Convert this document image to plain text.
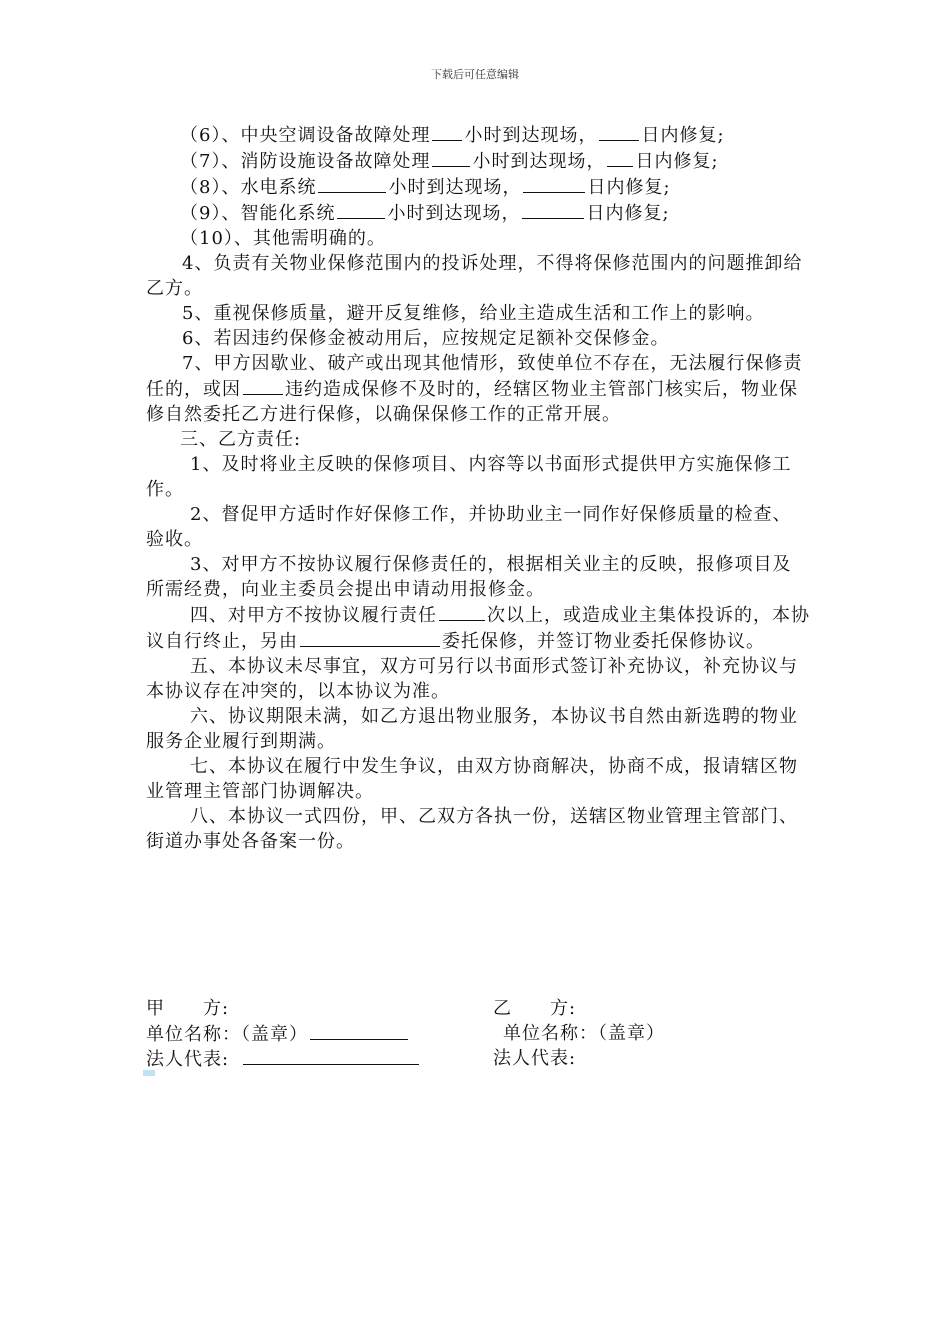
下载后可任意编辑

（6）、中央空调设备故障处理 小时到达现场， 日内修复;

（7）、消防设施设备故障处理 小时到达现场， 日内修复;

（8）、水电系统	小时到达现场，	日内修复;

（9）、智能化系统	小时到达现场，	日内修复;

（10）、其他需明确的。

4、负责有关物业保修范围内的投诉处理，不得将保修范围内的问题推卸给乙方。

5、重视保修质量，避开反复维修，给业主造成生活和工作上的影响。

6、若因违约保修金被动用后，应按规定足额补交保修金。

7、甲方因歇业、破产或出现其他情形，致使单位不存在，无法履行保修责任的，或因 违约造成保修不及时的，经辖区物业主管部门核实后，物业保修自然委托乙方进行保修，以确保保修工作的正常开展。

三、乙方责任:

1、及时将业主反映的保修项目、内容等以书面形式提供甲方实施保修工作。

2、督促甲方适时作好保修工作，并协助业主一同作好保修质量的检查、验收。

3、对甲方不按协议履行保修责任的，根据相关业主的反映，报修项目及所需经费，向业主委员会提出申请动用报修金。

四、对甲方不按协议履行责任	次以上，或造成业主集体投诉的，本协议自行终止，另由	委托保修，并签订物业委托保修协议。

五、本协议未尽事宜，双方可另行以书面形式签订补充协议，补充协议与本协议存在冲突的，以本协议为准。

六、协议期限未满，如乙方退出物业服务，本协议书自然由新选聘的物业服务企业履行到期满。

七、本协议在履行中发生争议，由双方协商解决，协商不成，报请辖区物业管理主管部门协调解决。

八、本协议一式四份，甲、乙双方各执一份，送辖区物业管理主管部门、街道办事处各备案一份。

甲　　方:	乙　　方:
单位名称：（盖章）	单位名称：（盖章）
法人代表:	法人代表:
